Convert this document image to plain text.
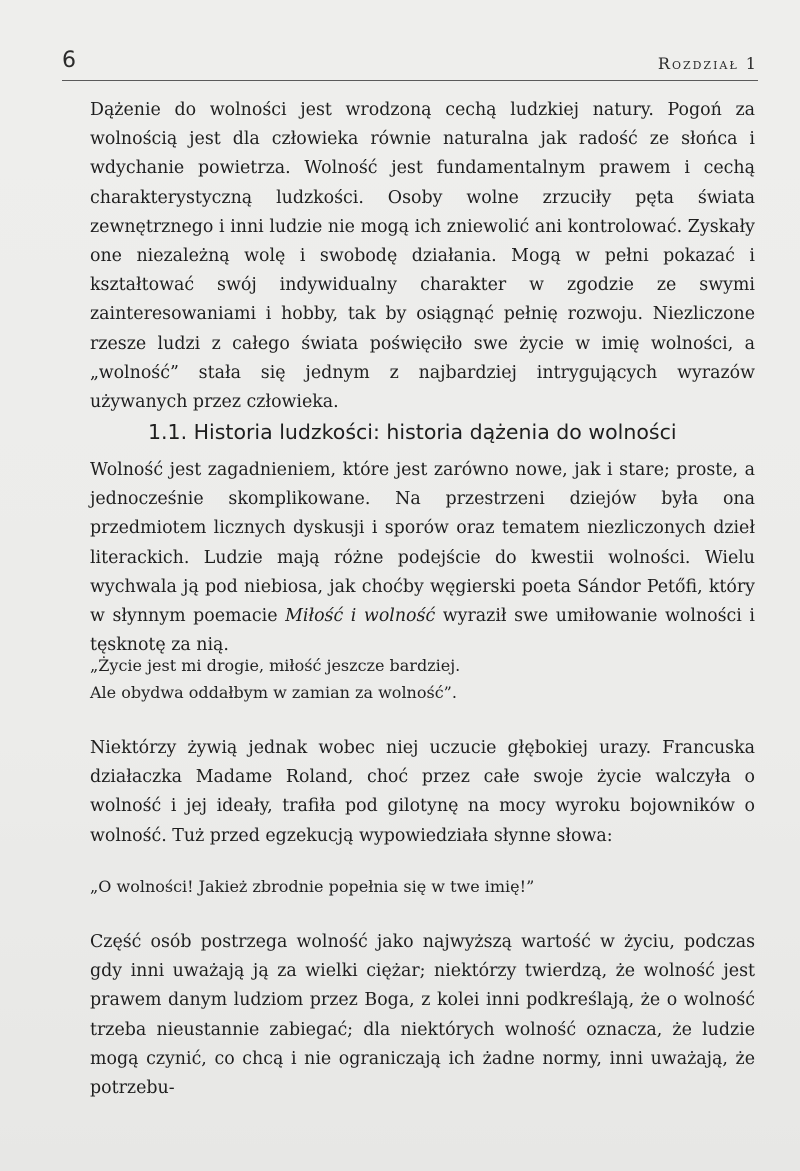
6	Rozdział 1

Dążenie do wolności jest wrodzoną cechą ludzkiej natury. Pogoń za wolnością jest dla człowieka równie naturalna jak radość ze słońca i wdychanie powietrza. Wolność jest fundamentalnym prawem i cechą charakterystyczną ludzkości. Osoby wolne zrzuciły pęta świata zewnętrznego i inni ludzie nie mogą ich zniewolić ani kontrolować. Zyskały one niezależną wolę i swobodę działania. Mogą w pełni pokazać i kształtować swój indywidualny charakter w zgodzie ze swymi zainteresowaniami i hobby, tak by osiągnąć pełnię rozwoju. Niezliczone rzesze ludzi z całego świata poświęciło swe życie w imię wolności, a „wolność” stała się jednym z najbardziej intrygujących wyrazów używanych przez człowieka.

1.1. Historia ludzkości: historia dążenia do wolności

Wolność jest zagadnieniem, które jest zarówno nowe, jak i stare; proste, a jednocześnie skomplikowane. Na przestrzeni dziejów była ona przedmiotem licznych dyskusji i sporów oraz tematem niezliczonych dzieł literackich. Ludzie mają różne podejście do kwestii wolności. Wielu wychwala ją pod niebiosa, jak choćby węgierski poeta Sándor Petőfi, który w słynnym poemacie Miłość i wolność wyraził swe umiłowanie wolności i tęsknotę za nią.

„Życie jest mi drogie, miłość jeszcze bardziej.
Ale obydwa oddałbym w zamian za wolność”.

Niektórzy żywią jednak wobec niej uczucie głębokiej urazy. Francuska działaczka Madame Roland, choć przez całe swoje życie walczyła o wolność i jej ideały, trafiła pod gilotynę na mocy wyroku bojowników o wolność. Tuż przed egzekucją wypowiedziała słynne słowa:

„O wolności! Jakież zbrodnie popełnia się w twe imię!”

Część osób postrzega wolność jako najwyższą wartość w życiu, podczas gdy inni uważają ją za wielki ciężar; niektórzy twierdzą, że wolność jest prawem danym ludziom przez Boga, z kolei inni podkreślają, że o wolność trzeba nieustannie zabiegać; dla niektórych wolność oznacza, że ludzie mogą czynić, co chcą i nie ograniczają ich żadne normy, inni uważają, że potrzebu-
